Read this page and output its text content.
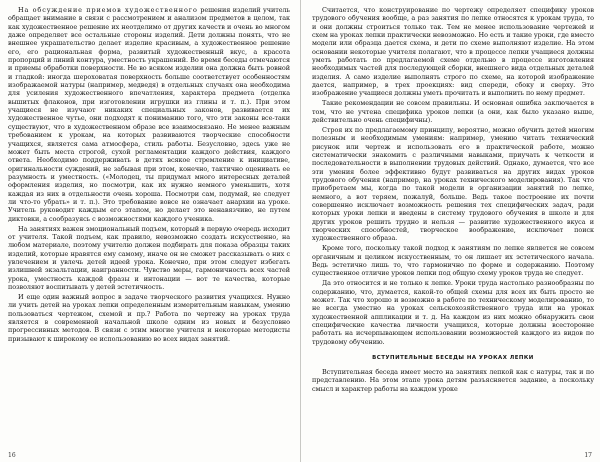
На обсуждение приемов художественного решения изделий учитель обращает внимание в связи с рассмотрением и анализом предметов в целом, так как художественное решение их неотделимо от других качеств и очень во многом даже определяет все остальные стороны изделий. Дети должны понять, что не внешнее украшательство делает изделие красивым, а художественное решение его, его рациональная форма, развитый художественный вкус, а красота пропорций и линий контура, уместность украшений. Во время беседы отмечаются и приемы обработки поверхности. Не во всяком изделии она должна быть ровной и гладкой: иногда шероховатая поверхность больше соответствует особенностям изображаемой натуры (например, медведя) в отдельных случаях она необходима для усиления художественного впечатления, характера предмета (отделка вышитых флаконов, при изготовлении игрушки из глины и т. п.). При этом учащиеся не изучают никаких специальных законов, развивается их художественное чутье, они подходят к пониманию того, что эти законы все-таки существуют, что в художественном образе все взаимосвязано. Не менее важным требованием к урокам, на которых развиваются творческие способности учащихся, является сама атмосфера, стиль работы. Безусловно, здесь уже не может быть места строгой, сухой регламентации каждого действия, каждого ответа. Необходимо поддерживать в детях всякое стремление к инициативе, оригинальности суждений, не забывая при этом, конечно, тактично оценивать ее разумность и уместность. («Молодец, ты придумал много интересных деталей оформления изделия, но посмотри, как их нужно немного уменьшить, хотя каждая из них в отдельности очень хороша. Посмотри сам, подумай, не следует ли что-то убрать» и т. п.). Это требование вовсе не означает анархии на уроке. Учитель руководит каждым его этапом, но делает это ненавязчиво, не путем диктовки, а сообразуясь с возможностями каждого ученика.

На занятиях важен эмоциональный подъем, который в первую очередь исходит от учителя. Такой подъем, как правило, невозможно создать искусственно, на любом материале, поэтому учителю должен подбирать для показа образцы таких изделий, которые нравятся ему самому, иначе он не сможет рассказывать о них с увлечением и увлечь детей идеей урока. Конечно, при этом следует избегать излишней экзальтации, наигранности. Чувство меры, гармоничность всех частей урока, уместность каждой фразы и интонации — вот те качества, которые позволяют воспитывать у детей эстетичность.

И еще один важный вопрос в задаче творческого развития учащихся. Нужно ли учить детей на уроках лепки определенным измерительным навыкам, умению пользоваться чертежом, схемой и пр.? Работа по чертежу на уроках труда является в современной начальной школе одним из новых и безусловно прогрессивных методов. В связи с этим многие учителя и некоторые методисты призывают к широкому ее использованию во всех видах занятий.

16

Считается, что конструирование по чертежу определяет специфику уроков трудового обучения вообще, а раз занятия по лепке относятся к урокам труда, то и они должны строиться только так. Тем не менее использование чертежей и схем на уроках лепки практически невозможно. Но есть и такие уроки, где вместо модели или образца дается схема, и дети по схеме выполняют изделие. На этом основании некоторые учителя полагают, что в процессе лепки учащиеся должны уметь работать по предлагаемой схеме отдельно в процессе изготовления необходимых частей для последующей сборки, внешнего вида отдельных деталей изделия. А само изделие выполнять строго по схеме, на которой изображение дается, например, в трех проекциях: вид спереди, сбоку и сверху. Это изображение учащиеся должны уметь прочитать и выполнить по нему предмет.

Такие рекомендации не совсем правильны. И основная ошибка заключается в том, что не учтена специфика уроков лепки (а они, как было указано выше, действительно очень специфичны).

Строя их по предлагаемому принципу, вероятно, можно обучить детей многим полезным и необходимым умениям: например, умению читать технический рисунок или чертеж и использовать его в практической работе, можно систематически знакомить с различными навыками, приучать к четкости и последовательности в выполнении трудовых действий. Однако, думается, что все эти умения более эффективно будут развиваться на других видах уроков трудового обучения (например, на уроках технического моделирования). Так что приобретаем мы, когда по такой модели в организации занятий по лепке, немного, а вот теряем, пожалуй, больше. Ведь такое построение их почти совершенно исключает возможность решения тех специфических задач, ради которых уроки лепки и введены в систему трудового обучения в школе и для других уроков решить трудно и нельзя — развитие художественного вкуса и творческих способностей, творческое воображение, исключает поиск художественного образа.

Кроме того, поскольку такой подход к занятиям по лепке является не совсем органичным и целиком искусственным, то он лишает их эстетического начала. Ведь эстетично лишь то, что гармонично по форме и содержанию. Поэтому существенное отличие уроков лепки под общую схему уроков труда не следует.

Да это относится и не только к лепке. Уроки труда настолько разнообразны по содержанию, что, думается, какой-то общей схемы для всех их быть просто не может. Так что хорошо и возможно в работе по техническому моделированию, то не всегда уместно на уроках сельскохозяйственного труда или на уроках художественной аппликации и т. д. На каждом из них можно обнаружить свои специфические качества личности учащихся, которые должны всесторонне работать на исчерпывающем использовании возможностей каждого из видов по трудовому обучению.

ВСТУПИТЕЛЬНЫЕ БЕСЕДЫ НА УРОКАХ ЛЕПКИ

Вступительная беседа имеет место на занятиях лепкой как с натуры, так и по представлению. На этом этапе урока детям разъясняется задание, а поскольку смысл и характер работы на каждом уроке

17
